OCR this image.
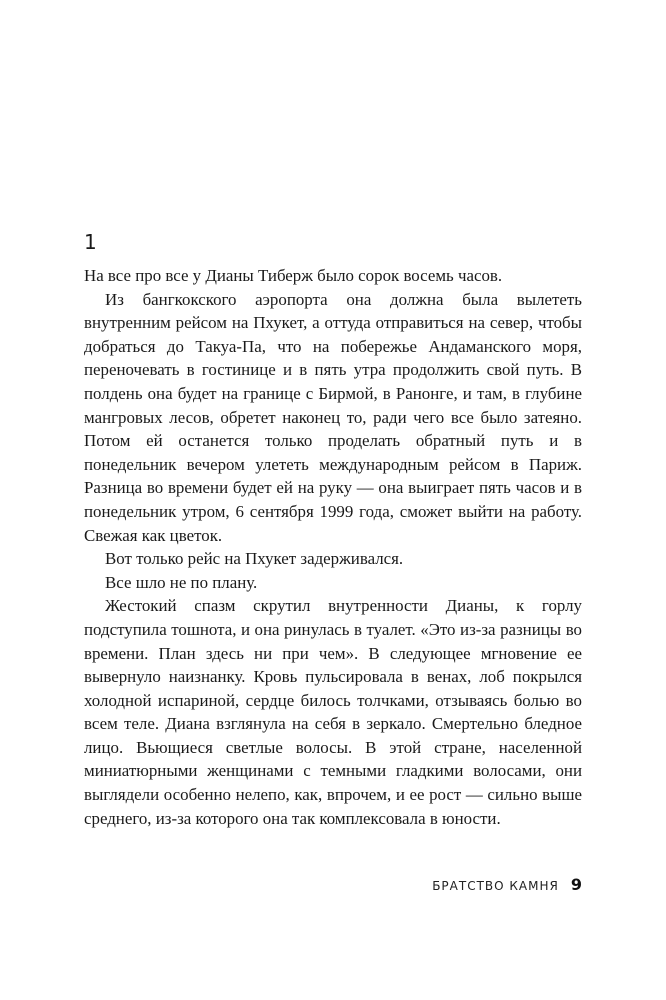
1

На все про все у Дианы Тиберж было сорок восемь часов.

Из бангкокского аэропорта она должна была вылететь внутренним рейсом на Пхукет, а оттуда отправиться на север, чтобы добраться до Такуа-Па, что на побережье Андаманского моря, переночевать в гостинице и в пять утра продолжить свой путь. В полдень она будет на границе с Бирмой, в Ранонге, и там, в глубине мангровых лесов, обретет наконец то, ради чего все было затеяно. Потом ей останется только проделать обратный путь и в понедельник вечером улететь международным рейсом в Париж. Разница во времени будет ей на руку — она выиграет пять часов и в понедельник утром, 6 сентября 1999 года, сможет выйти на работу. Свежая как цветок.

Вот только рейс на Пхукет задерживался.

Все шло не по плану.

Жестокий спазм скрутил внутренности Дианы, к горлу подступила тошнота, и она ринулась в туалет. «Это из-за разницы во времени. План здесь ни при чем». В следующее мгновение ее вывернуло наизнанку. Кровь пульсировала в венах, лоб покрылся холодной испариной, сердце билось толчками, отзываясь болью во всем теле. Диана взглянула на себя в зеркало. Смертельно бледное лицо. Вьющиеся светлые волосы. В этой стране, населенной миниатюрными женщинами с темными гладкими волосами, они выглядели особенно нелепо, как, впрочем, и ее рост — сильно выше среднего, из-за которого она так комплексовала в юности.

БРАТСТВО КАМНЯ 9
